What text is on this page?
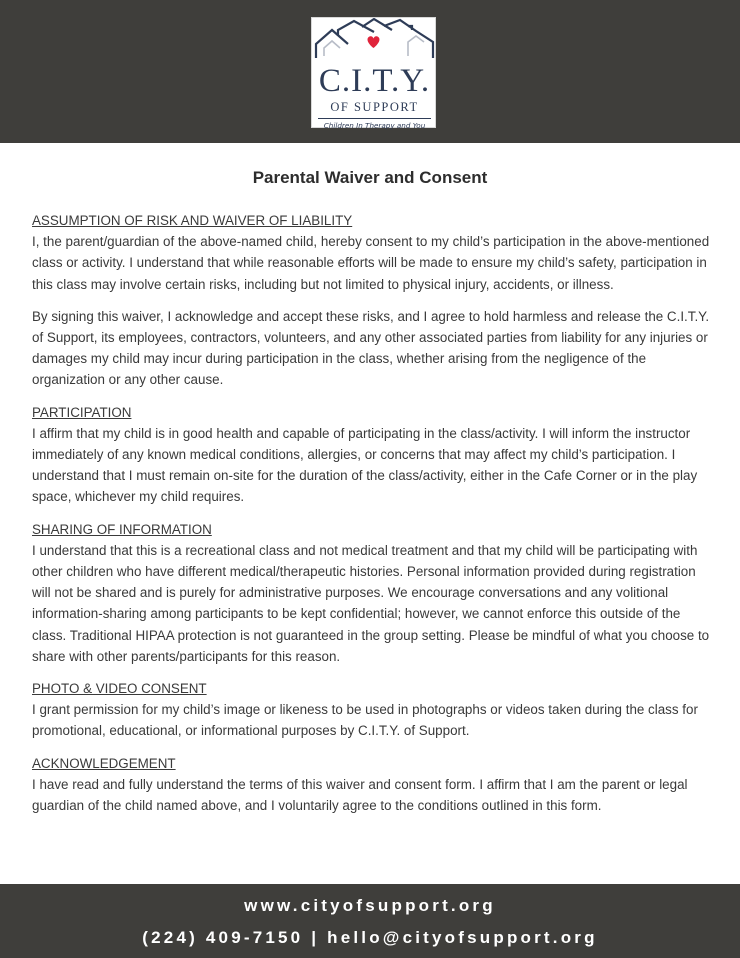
C.I.T.Y.
OF SUPPORT
Children In Therapy and You
Parental Waiver and Consent

ASSUMPTION OF RISK AND WAIVER OF LIABILITY

I, the parent/guardian of the above-named child, hereby consent to my child’s participation in the above-mentioned class or activity. I understand that while reasonable efforts will be made to ensure my child’s safety, participation in this class may involve certain risks, including but not limited to physical injury, accidents, or illness.

By signing this waiver, I acknowledge and accept these risks, and I agree to hold harmless and release the C.I.T.Y. of Support, its employees, contractors, volunteers, and any other associated parties from liability for any injuries or damages my child may incur during participation in the class, whether arising from the negligence of the organization or any other cause.

PARTICIPATION

I affirm that my child is in good health and capable of participating in the class/activity. I will inform the instructor immediately of any known medical conditions, allergies, or concerns that may affect my child’s participation. I understand that I must remain on-site for the duration of the class/activity, either in the Cafe Corner or in the play space, whichever my child requires.

SHARING OF INFORMATION

I understand that this is a recreational class and not medical treatment and that my child will be participating with other children who have different medical/therapeutic histories. Personal information provided during registration will not be shared and is purely for administrative purposes. We encourage conversations and any volitional information-sharing among participants to be kept confidential; however, we cannot enforce this outside of the class. Traditional HIPAA protection is not guaranteed in the group setting. Please be mindful of what you choose to share with other parents/participants for this reason.

PHOTO & VIDEO CONSENT

I grant permission for my child’s image or likeness to be used in photographs or videos taken during the class for promotional, educational, or informational purposes by C.I.T.Y. of Support.

ACKNOWLEDGEMENT

I have read and fully understand the terms of this waiver and consent form. I affirm that I am the parent or legal guardian of the child named above, and I voluntarily agree to the conditions outlined in this form.

www.cityofsupport.org
(224) 409-7150 | hello@cityofsupport.org
